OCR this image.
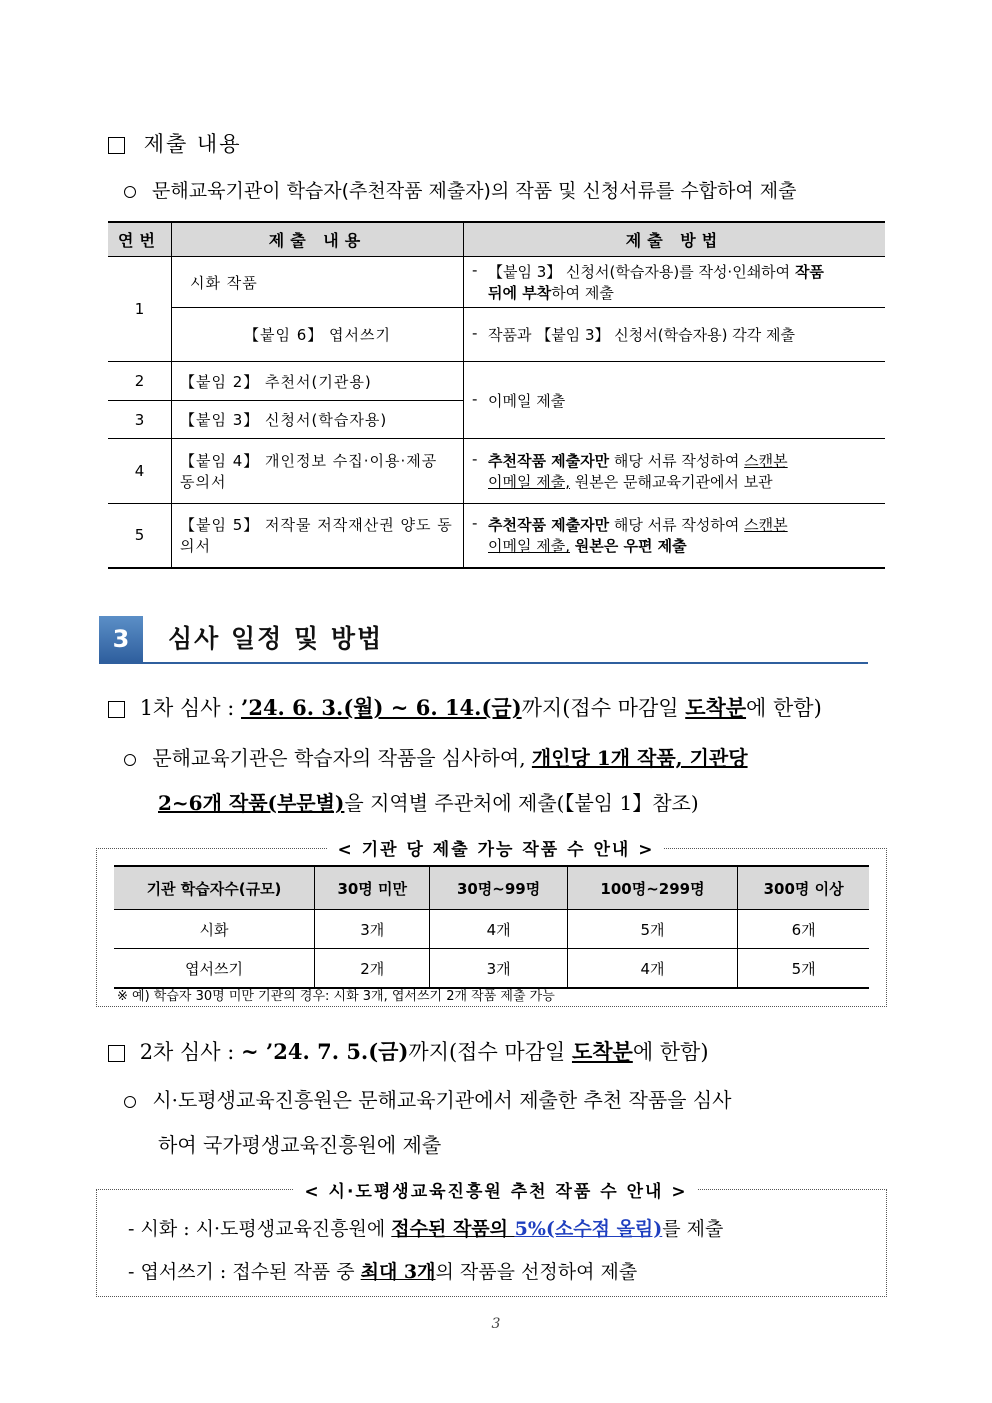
제출 내용
문해교육기관이 학습자(추천작품 제출자)의 작품 및 신청서류를 수합하여 제출
연번	제출 내용	제출 방법
1	시화 작품	- 【붙임 3】 신청서(학습자용)를 작성·인쇄하여 작품
뒤에 부착하여 제출

	【붙임 6】 엽서쓰기	- 작품과 【붙임 3】 신청서(학습자용) 각각 제출

2	【붙임 2】 추천서(기관용)	- 이메일 제출

3	【붙임 3】 신청서(학습자용)	
4	【붙임 4】 개인정보 수집·이용·제공 동의서	- 추천작품 제출자만 해당 서류 작성하여 스캔본
이메일 제출, 원본은 문해교육기관에서 보관

5	【붙임 5】 저작물 저작재산권 양도 동의서	- 추천작품 제출자만 해당 서류 작성하여 스캔본
이메일 제출, 원본은 우편 제출
3	심사 일정 및 방법
1차 심사 : ’24. 6. 3.(월) ~ 6. 14.(금)까지(접수 마감일 도착분에 한함)
문해교육기관은 학습자의 작품을 심사하여, 개인당 1개 작품, 기관당
2~6개 작품(부문별)을 지역별 주관처에 제출(【붙임 1】참조)
< 기관 당 제출 가능 작품 수 안내 >
기관 학습자수(규모)	30명 미만	30명~99명	100명~299명	300명 이상
시화	3개	4개	5개	6개
엽서쓰기	2개	3개	4개	5개
※ 예) 학습자 30명 미만 기관의 경우: 시화 3개, 엽서쓰기 2개 작품 제출 가능
2차 심사 : ~ ’24. 7. 5.(금)까지(접수 마감일 도착분에 한함)
시·도평생교육진흥원은 문해교육기관에서 제출한 추천 작품을 심사
하여 국가평생교육진흥원에 제출
< 시·도평생교육진흥원 추천 작품 수 안내 >
- 시화 : 시·도평생교육진흥원에 접수된 작품의 5%(소수점 올림)를 제출
- 엽서쓰기 : 접수된 작품 중 최대 3개의 작품을 선정하여 제출
3
